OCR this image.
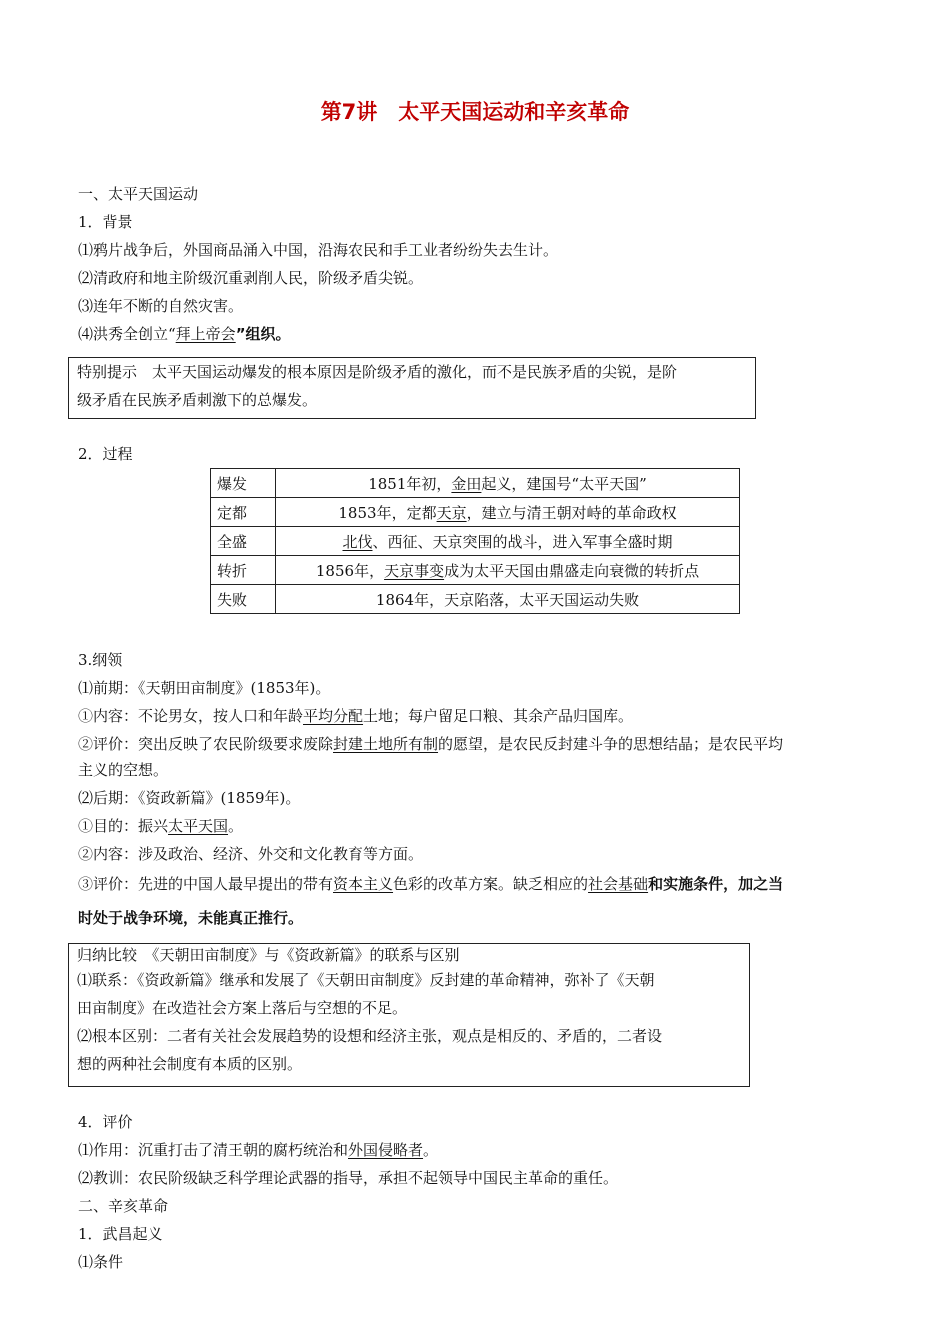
第7讲　太平天国运动和辛亥革命
一、太平天国运动
1．背景
⑴鸦片战争后，外国商品涌入中国，沿海农民和手工业者纷纷失去生计。
⑵清政府和地主阶级沉重剥削人民，阶级矛盾尖锐。
⑶连年不断的自然灾害。
⑷洪秀全创立“拜上帝会”组织。
特别提示　太平天国运动爆发的根本原因是阶级矛盾的激化，而不是民族矛盾的尖锐，是阶
级矛盾在民族矛盾刺激下的总爆发。
2．过程
爆发	1851年初，金田起义，建国号“太平天国”
定都	1853年，定都天京，建立与清王朝对峙的革命政权
全盛	北伐、西征、天京突围的战斗，进入军事全盛时期
转折	1856年，天京事变成为太平天国由鼎盛走向衰微的转折点
失败	1864年，天京陷落，太平天国运动失败
3.纲领
⑴前期：《天朝田亩制度》(1853年)。
①内容：不论男女，按人口和年龄平均分配土地；每户留足口粮、其余产品归国库。
②评价：突出反映了农民阶级要求废除封建土地所有制的愿望，是农民反封建斗争的思想结晶；是农民平均
主义的空想。
⑵后期：《资政新篇》(1859年)。
①目的：振兴太平天国。
②内容：涉及政治、经济、外交和文化教育等方面。
③评价：先进的中国人最早提出的带有资本主义色彩的改革方案。缺乏相应的社会基础和实施条件，加之当
时处于战争环境，未能真正推行。
归纳比较　《天朝田亩制度》与《资政新篇》的联系与区别
⑴联系：《资政新篇》继承和发展了《天朝田亩制度》反封建的革命精神，弥补了《天朝
田亩制度》在改造社会方案上落后与空想的不足。
⑵根本区别：二者有关社会发展趋势的设想和经济主张，观点是相反的、矛盾的，二者设
想的两种社会制度有本质的区别。
4．评价
⑴作用：沉重打击了清王朝的腐朽统治和外国侵略者。
⑵教训：农民阶级缺乏科学理论武器的指导，承担不起领导中国民主革命的重任。
二、辛亥革命
1．武昌起义
⑴条件
